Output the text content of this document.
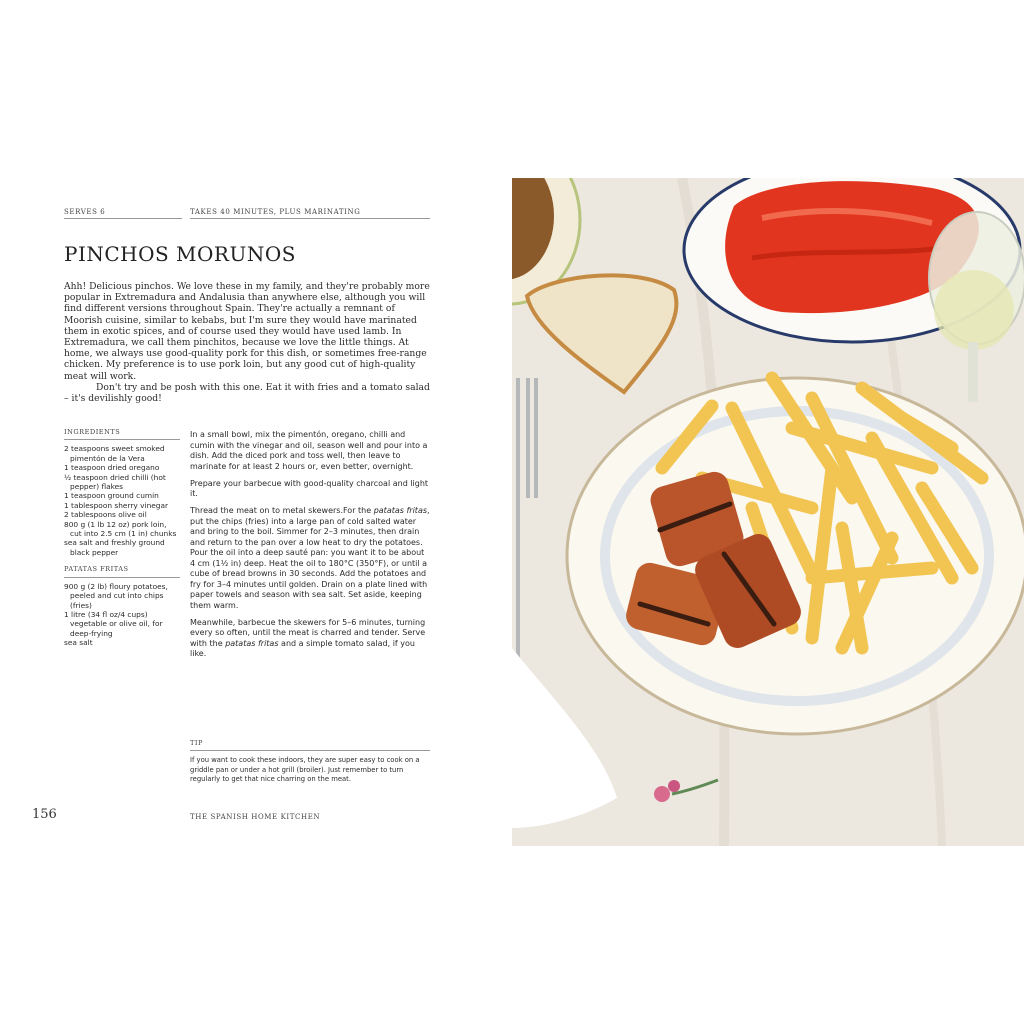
SERVES 6	TAKES 40 MINUTES, PLUS MARINATING
PINCHOS MORUNOS

Ahh! Delicious pinchos. We love these in my family, and they're probably more popular in Extremadura and Andalusia than anywhere else, although you will find different versions throughout Spain. They're actually a remnant of Moorish cuisine, similar to kebabs, but I'm sure they would have marinated them in exotic spices, and of course used they would have used lamb. In Extremadura, we call them pinchitos, because we love the little things. At home, we always use good-quality pork for this dish, or sometimes free-range chicken. My preference is to use pork loin, but any good cut of high-quality meat will work.

Don't try and be posh with this one. Eat it with fries and a tomato salad – it's devilishly good!

INGREDIENTS

2 teaspoons sweet smoked pimentón de la Vera

1 teaspoon dried oregano

½ teaspoon dried chilli (hot pepper) flakes

1 teaspoon ground cumin

1 tablespoon sherry vinegar

2 tablespoons olive oil

800 g (1 lb 12 oz) pork loin, cut into 2.5 cm (1 in) chunks

sea salt and freshly ground black pepper

PATATAS FRITAS

900 g (2 lb) floury potatoes, peeled and cut into chips (fries)

1 litre (34 fl oz/4 cups) vegetable or olive oil, for deep-frying

sea salt

In a small bowl, mix the pimentón, oregano, chilli and cumin with the vinegar and oil, season well and pour into a dish. Add the diced pork and toss well, then leave to marinate for at least 2 hours or, even better, overnight.

Prepare your barbecue with good-quality charcoal and light it.

Thread the meat on to metal skewers.For the patatas fritas, put the chips (fries) into a large pan of cold salted water and bring to the boil. Simmer for 2–3 minutes, then drain and return to the pan over a low heat to dry the potatoes. Pour the oil into a deep sauté pan: you want it to be about 4 cm (1½ in) deep. Heat the oil to 180°C (350°F), or until a cube of bread browns in 30 seconds. Add the potatoes and fry for 3–4 minutes until golden. Drain on a plate lined with paper towels and season with sea salt. Set aside, keeping them warm.

Meanwhile, barbecue the skewers for 5–6 minutes, turning every so often, until the meat is charred and tender. Serve with the patatas fritas and a simple tomato salad, if you like.

TIP
If you want to cook these indoors, they are super easy to cook on a griddle pan or under a hot grill (broiler). Just remember to turn regularly to get that nice charring on the meat.
156	THE SPANISH HOME KITCHEN
